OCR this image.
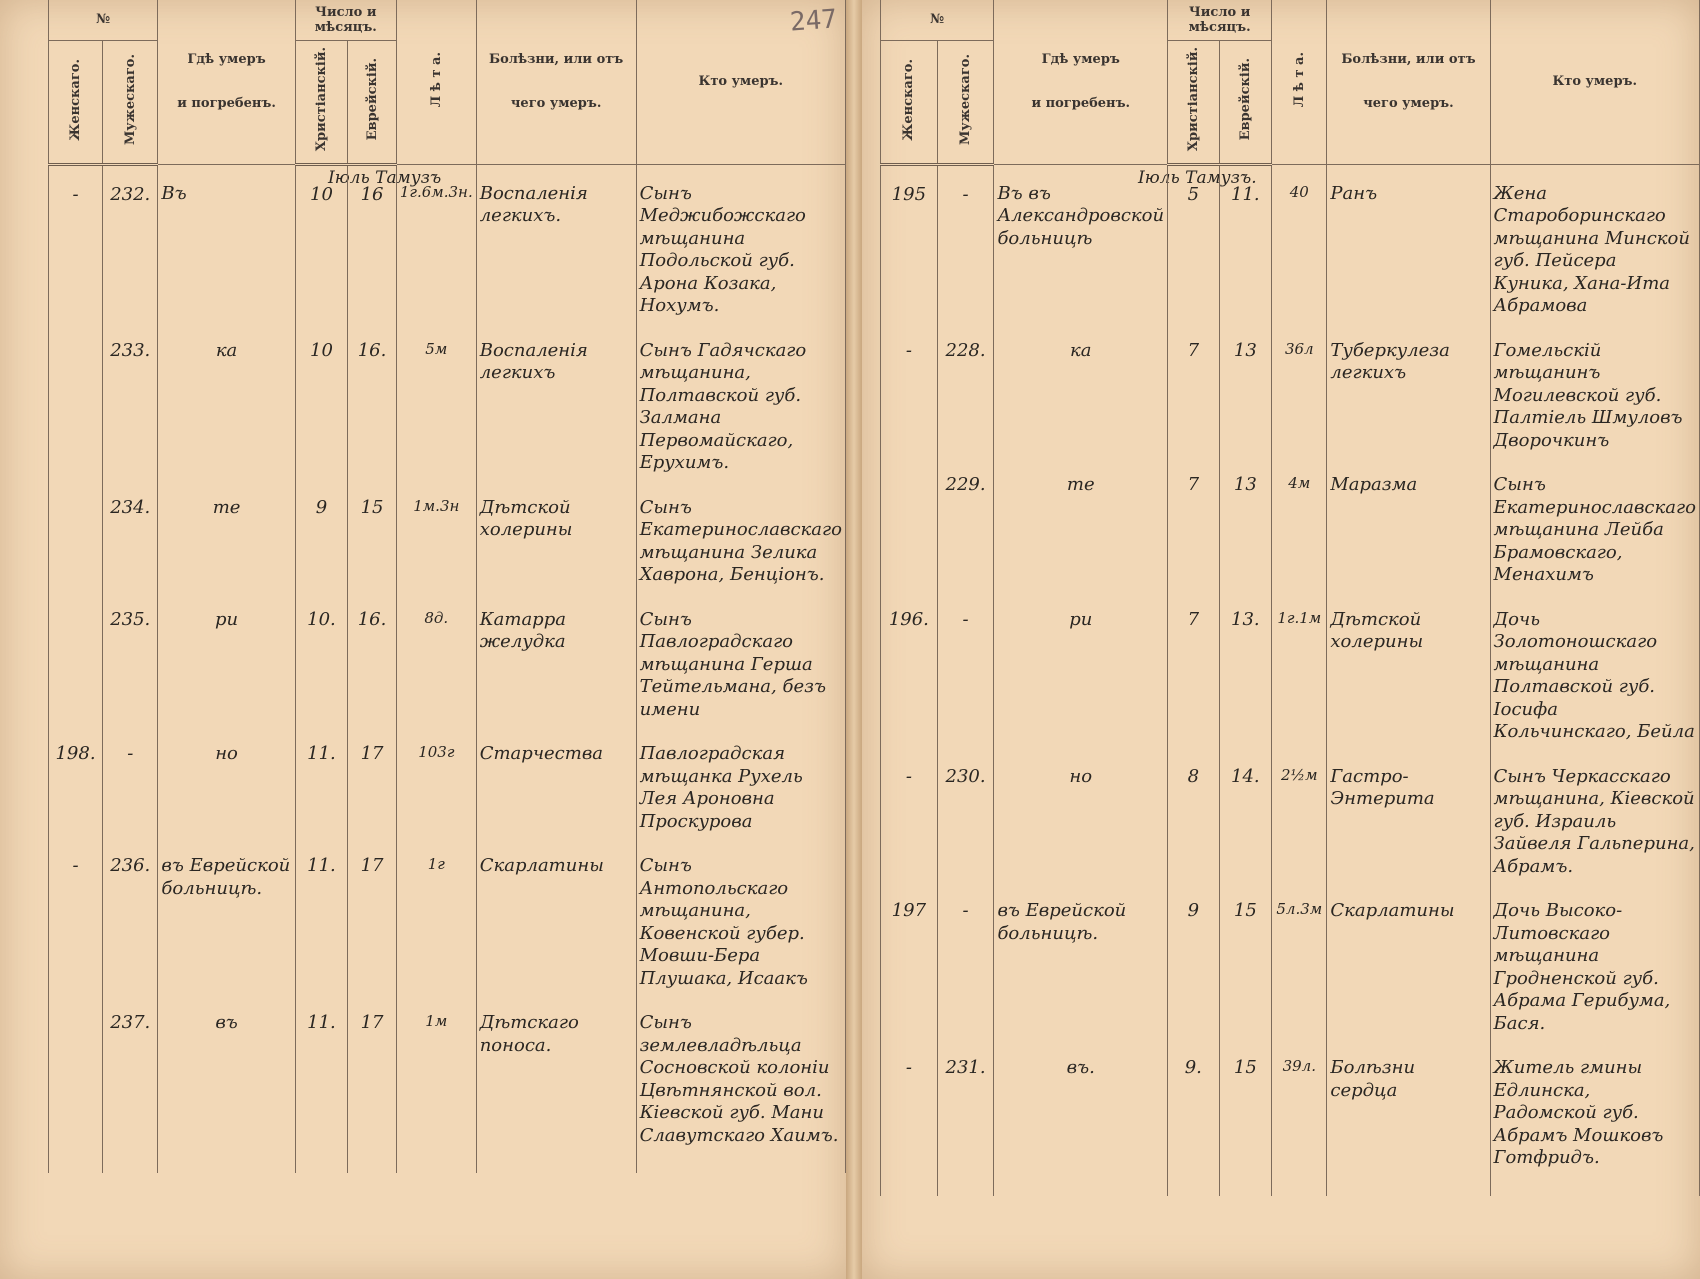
Іюль Тамузъ
№		Гдѣ умеръ
и погребенъ.	Число и мѣсяцъ.		Л ѣ т а.	Болѣзни, или отъ
чего умеръ.	Кто умеръ.
Женскаго.	Мужескаго.		Христіанскій.	Еврейскій.			
-	232.	Въ	10	16	1г.6м.3н.	Воспаленія легкихъ.	Сынъ Меджибожскаго мѣщанина Подольской губ. Арона Козака, Нохумъ.
	233.	ка	10	16.	5м	Воспаленія легкихъ	Сынъ Гадячскаго мѣщанина, Полтавской губ. Залмана Первомайскаго, Ерухимъ.
	234.	те	9	15	1м.3н	Дѣтской холерины	Сынъ Екатеринославскаго мѣщанина Зелика Хаврона, Бенціонъ.
	235.	ри	10.	16.	8д.	Катарра желудка	Сынъ Павлоградскаго мѣщанина Герша Тейтельмана, безъ имени
198.	-	но	11.	17	103г	Старчества	Павлоградская мѣщанка Рухель Лея Ароновна Проскурова
-	236.	въ Еврейской больницѣ.	11.	17	1г	Скарлатины	Сынъ Антопольскаго мѣщанина, Ковенской губер. Мовши-Бера Плушака, Исаакъ
	237.	въ	11.	17	1м	Дѣтскаго поноса.	Сынъ землевладѣльца Сосновской колоніи Цвѣтнянской вол. Кіевской губ. Мани Славутскаго Хаимъ.

247
Іюль Тамузъ.
№		Гдѣ умеръ
и погребенъ.	Число и мѣсяцъ.		Л ѣ т а.	Болѣзни, или отъ
чего умеръ.	Кто умеръ.
Женскаго.	Мужескаго.		Христіанскій.	Еврейскій.			
195	-	Въ въ Александровской больницѣ	5	11.	40	Ранъ	Жена Староборинскаго мѣщанина Минской губ. Пейсера Куника, Хана-Ита Абрамова
-	228.	ка	7	13	36л	Туберкулеза легкихъ	Гомельскій мѣщанинъ Могилевской губ. Палтіель Шмуловъ Дворочкинъ
	229.	те	7	13	4м	Маразма	Сынъ Екатеринославскаго мѣщанина Лейба Брамовскаго, Менахимъ
196.	-	ри	7	13.	1г.1м	Дѣтской холерины	Дочь Золотоношскаго мѣщанина Полтавской губ. Іосифа Кольчинскаго, Бейла
-	230.	но	8	14.	2½м	Гастро-Энтерита	Сынъ Черкасскаго мѣщанина, Кіевской губ. Израиль Зайвеля Гальперина, Абрамъ.
197	-	въ Еврейской больницѣ.	9	15	5л.3м	Скарлатины	Дочь Высоко-Литовскаго мѣщанина Гродненской губ. Абрама Герибума, Бася.
-	231.	въ.	9.	15	39л.	Болѣзни сердца	Житель гмины Едлинска, Радомской губ. Абрамъ Мошковъ Готфридъ.
